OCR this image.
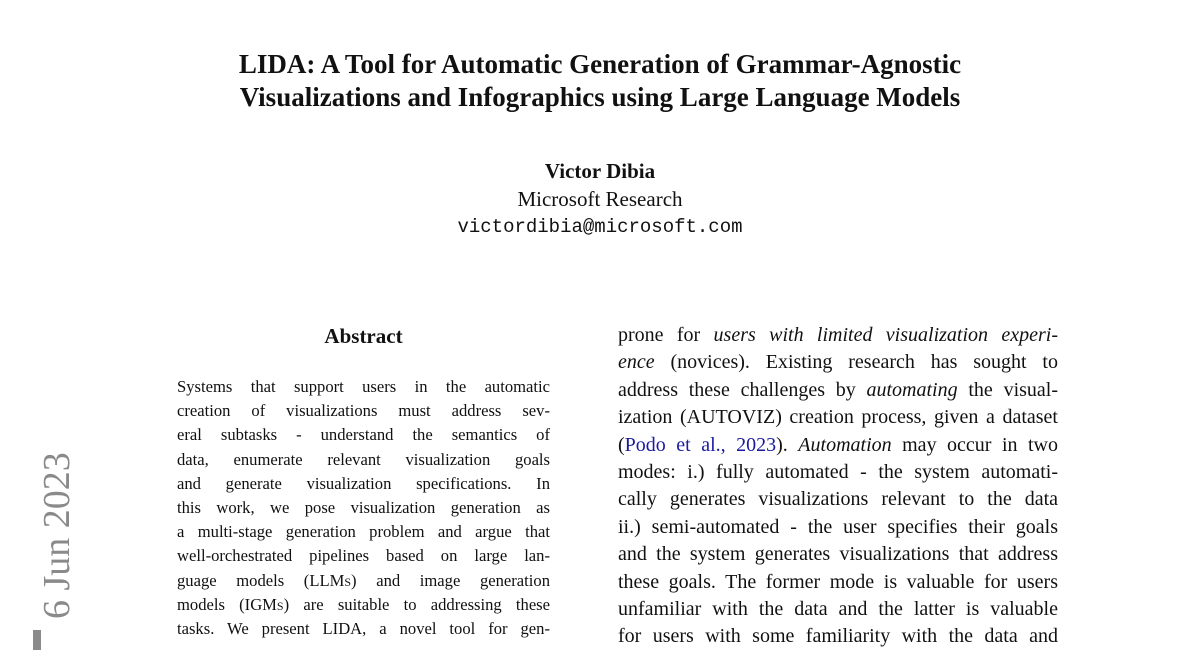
LIDA: A Tool for Automatic Generation of Grammar-Agnostic
Visualizations and Infographics using Large Language Models
Victor Dibia
Microsoft Research
victordibia@microsoft.com
Abstract
Systems that support users in the automatic
creation of visualizations must address sev-
eral subtasks - understand the semantics of
data, enumerate relevant visualization goals
and generate visualization specifications. In
this work, we pose visualization generation as
a multi-stage generation problem and argue that
well-orchestrated pipelines based on large lan-
guage models (LLMs) and image generation
models (IGMs) are suitable to addressing these
tasks. We present LIDA, a novel tool for gen-
prone for users with limited visualization experi-
ence (novices). Existing research has sought to
address these challenges by automating the visual-
ization (AUTOVIZ) creation process, given a dataset
(Podo et al., 2023). Automation may occur in two
modes: i.) fully automated - the system automati-
cally generates visualizations relevant to the data
ii.) semi-automated - the user specifies their goals
and the system generates visualizations that address
these goals. The former mode is valuable for users
unfamiliar with the data and the latter is valuable
for users with some familiarity with the data and
6 Jun 2023
